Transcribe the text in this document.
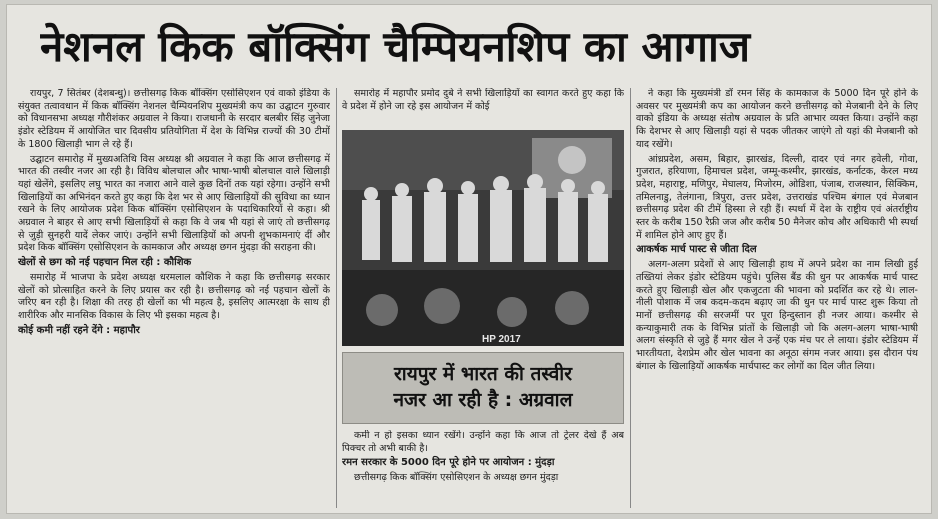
नेशनल किक बॉक्सिंग चैम्पियनशिप का आगाज

रायपुर, 7 सितंबर (देशबन्धु)। छत्तीसगढ़ किक बॉक्सिंग एसोसिएशन एवं वाको इंडिया के संयुक्त तत्वावधान में किक बॉक्सिंग नेशनल चैम्पियनशिप मुख्यमंत्री कप का उद्घाटन गुरुवार को विधानसभा अध्यक्ष गौरीशंकर अग्रवाल ने किया। राजधानी के सरदार बलबीर सिंह जुनेजा इंडोर स्टेडियम में आयोजित चार दिवसीय प्रतियोगिता में देश के विभिन्न राज्यों की 30 टीमों के 1800 खिलाड़ी भाग ले रहे हैं।

उद्घाटन समारोह में मुख्यअतिथि विस अध्यक्ष श्री अग्रवाल ने कहा कि आज छत्तीसगढ़ में भारत की तस्वीर नजर आ रही है। विविध बोलचाल और भाषा-भाषी बोलचाल वाले खिलाड़ी यहां खेलेंगे, इसलिए लघु भारत का नजारा आने वाले कुछ दिनों तक यहां रहेगा। उन्होंने सभी खिलाड़ियों का अभिनंदन करते हुए कहा कि देश भर से आए खिलाड़ियों की सुविधा का ध्यान रखने के लिए आयोजक प्रदेश किक बॉक्सिंग एसोसिएशन के पदाधिकारियों से कहा। श्री अग्रवाल ने बाहर से आए सभी खिलाड़ियों से कहा कि वे जब भी यहां से जाएं तो छत्तीसगढ़ से जुड़ी सुनहरी यादें लेकर जाएं। उन्होंने सभी खिलाड़ियों को अपनी शुभकामनाएं दीं और प्रदेश किक बॉक्सिंग एसोसिएशन के कामकाज और अध्यक्ष छगन मुंदड़ा की सराहना की।

खेलों से छग को नई पहचान मिल रही : कौशिक

समारोह में भाजपा के प्रदेश अध्यक्ष धरमलाल कौशिक ने कहा कि छत्तीसगढ़ सरकार खेलों को प्रोत्साहित करने के लिए प्रयास कर रही है। छत्तीसगढ़ को नई पहचान खेलों के जरिए बन रही है। शिक्षा की तरह ही खेलों का भी महत्व है, इसलिए आत्मरक्षा के साथ ही शारीरिक और मानसिक विकास के लिए भी इसका महत्व है।

कोई कमी नहीं रहने देंगे : महापौर

समारोह में महापौर प्रमोद दुबे ने सभी खिलाड़ियों का स्वागत करते हुए कहा कि वे प्रदेश में होने जा रहे इस आयोजन में कोई

HP 2017
रायपुर में भारत की तस्वीर
नजर आ रही है : अग्रवाल

कमी न हो इसका ध्यान रखेंगे। उन्होंने कहा कि आज तो ट्रेलर देखे हैं अब पिक्चर तो अभी बाकी है।

रमन सरकार के 5000 दिन पूरे होने पर आयोजन : मुंदड़ा

छत्तीसगढ़ किक बॉक्सिंग एसोसिएशन के अध्यक्ष छगन मुंदड़ा

ने कहा कि मुख्यमंत्री डॉ रमन सिंह के कामकाज के 5000 दिन पूरे होने के अवसर पर मुख्यमंत्री कप का आयोजन करने छत्तीसगढ़ को मेजबानी देने के लिए वाको इंडिया के अध्यक्ष संतोष अग्रवाल के प्रति आभार व्यक्त किया। उन्होंने कहा कि देशभर से आए खिलाड़ी यहां से पदक जीतकर जाएंगे तो यहां की मेजबानी को याद रखेंगे।

आंध्रप्रदेश, असम, बिहार, झारखंड, दिल्ली, दादर एवं नगर हवेली, गोवा, गुजरात, हरियाणा, हिमाचल प्रदेश, जम्मू-कश्मीर, झारखंड, कर्नाटक, केरल मध्य प्रदेश, महाराष्ट्र, मणिपुर, मेघालय, मिजोरम, ओडिशा, पंजाब, राजस्थान, सिक्किम, तमिलनाडु, तेलंगाना, त्रिपुरा, उत्तर प्रदेश, उत्तराखंड पश्चिम बंगाल एवं मेजबान छत्तीसगढ़ प्रदेश की टीमें हिस्सा ले रही हैं। स्पर्धा में देश के राष्ट्रीय एवं अंतर्राष्ट्रीय स्तर के करीब 150 रैफ्री जज और करीब 50 मैनेजर कोच और अधिकारी भी स्पर्धा में शामिल होने आए हुए हैं।

आकर्षक मार्च पास्ट से जीता दिल

अलग-अलग प्रदेशों से आए खिलाड़ी हाथ में अपने प्रदेश का नाम लिखी हुई तख्तियां लेकर इंडोर स्टेडियम पहुंचे। पुलिस बैंड की धुन पर आकर्षक मार्च पास्ट करते हुए खिलाड़ी खेल और एकजुटता की भावना को प्रदर्शित कर रहे थे। लाल-नीली पोशाक में जब कदम-कदम बढ़ाए जा की धुन पर मार्च पास्ट शुरू किया तो मानों छत्तीसगढ़ की सरजमीं पर पूरा हिन्दुस्तान ही नजर आया। कश्मीर से कन्याकुमारी तक के विभिन्न प्रांतों के खिलाड़ी जो कि अलग-अलग भाषा-भाषी अलग संस्कृति से जुड़े हैं मगर खेल ने उन्हें एक मंच पर ले लाया। इंडोर स्टेडियम में भारतीयता, देशप्रेम और खेल भावना का अनूठा संगम नजर आया। इस दौरान पंथ बंगाल के खिलाड़ियों आकर्षक मार्चपास्ट कर लोगों का दिल जीत लिया।
